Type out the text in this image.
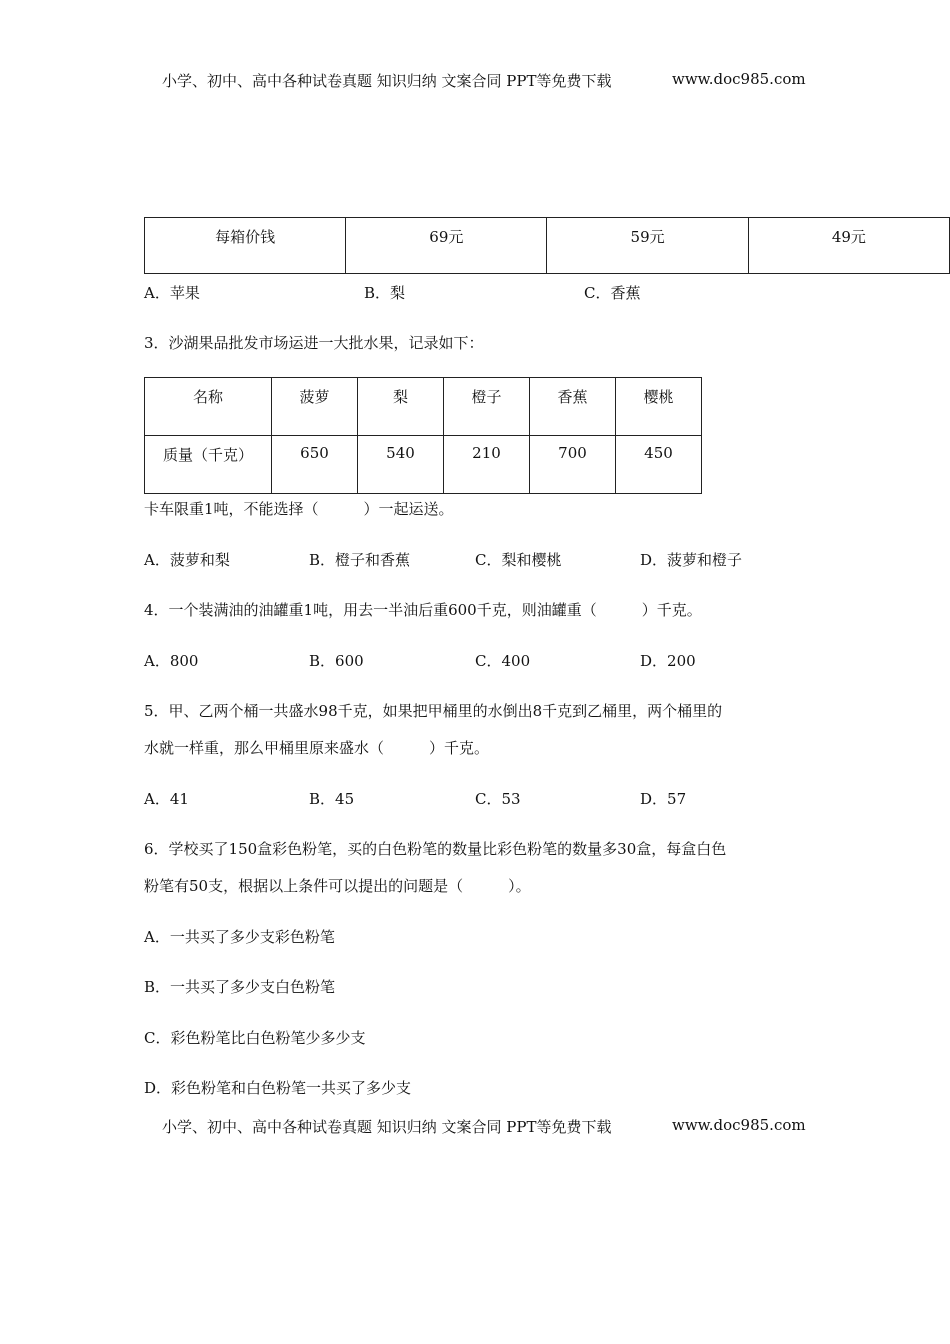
小学、初中、高中各种试卷真题 知识归纳 文案合同 PPT等免费下载	www.doc985.com
每箱价钱	69元	59元	49元
A．苹果	B．梨	C．香蕉
3．沙湖果品批发市场运进一大批水果，记录如下：
名称	菠萝	梨	橙子	香蕉	樱桃
质量（千克）	650	540	210	700	450
卡车限重1吨，不能选择（　　　）一起运送。
A．菠萝和梨	B．橙子和香蕉	C．梨和樱桃	D．菠萝和橙子
4．一个装满油的油罐重1吨，用去一半油后重600千克，则油罐重（　　　）千克。
A．800	B．600	C．400	D．200
5．甲、乙两个桶一共盛水98千克，如果把甲桶里的水倒出8千克到乙桶里，两个桶里的
水就一样重，那么甲桶里原来盛水（　　　）千克。
A．41	B．45	C．53	D．57
6．学校买了150盒彩色粉笔，买的白色粉笔的数量比彩色粉笔的数量多30盒，每盒白色
粉笔有50支，根据以上条件可以提出的问题是（　　　）。
A．一共买了多少支彩色粉笔
B．一共买了多少支白色粉笔
C．彩色粉笔比白色粉笔少多少支
D．彩色粉笔和白色粉笔一共买了多少支
小学、初中、高中各种试卷真题 知识归纳 文案合同 PPT等免费下载	www.doc985.com
